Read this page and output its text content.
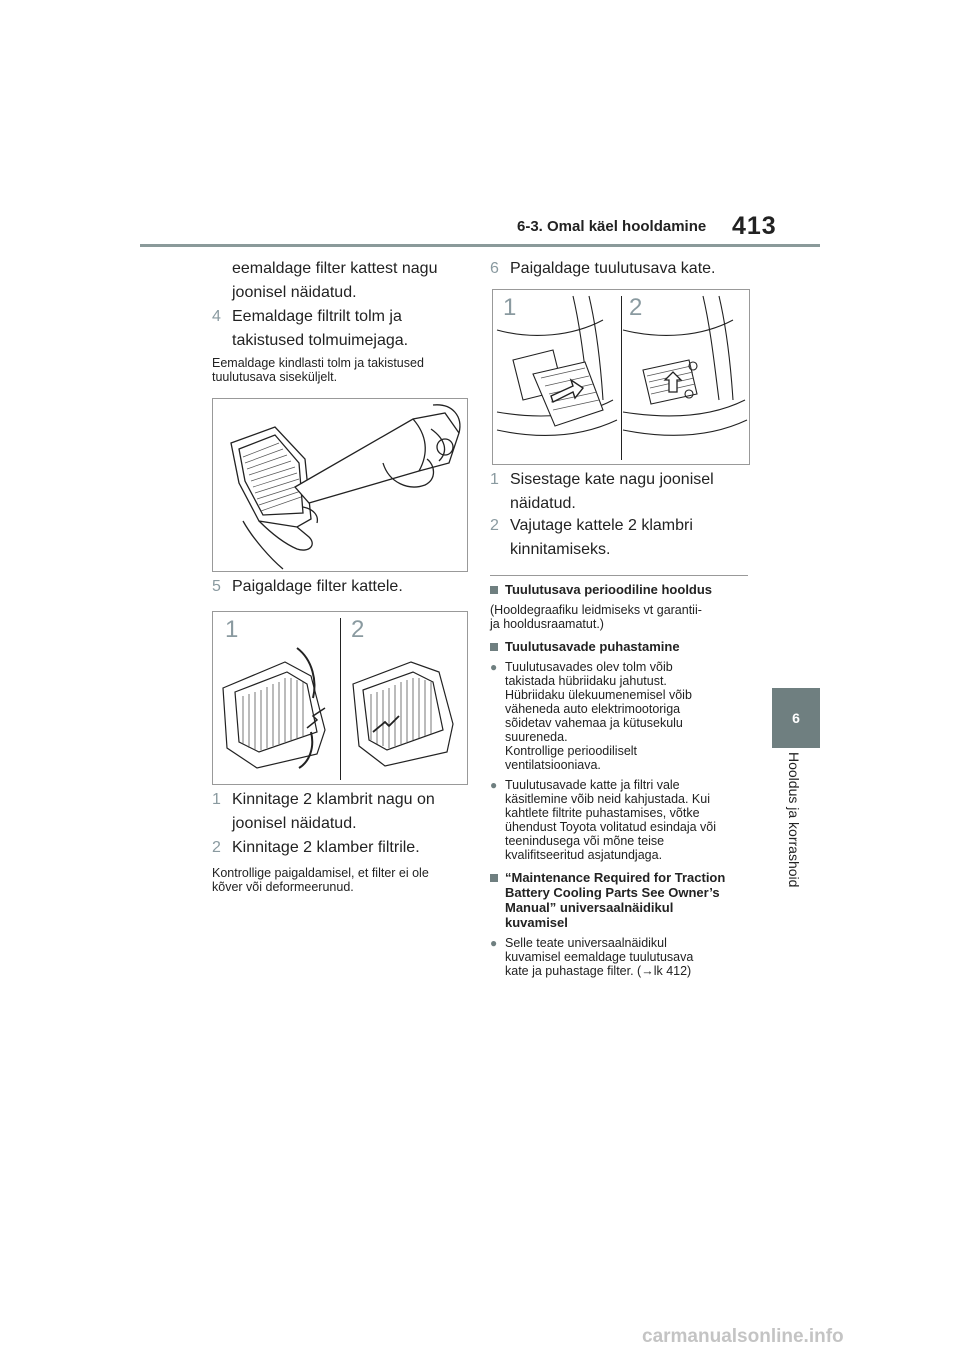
6-3. Omal käel hooldamine 413
6
Hooldus ja korrashoid
eemaldage filter kattest nagu
joonisel näidatud.
4 Eemaldage filtrilt tolm ja
takistused tolmuimejaga.
Eemaldage kindlasti tolm ja takistused
tuulutusava siseküljelt.
5 Paigaldage filter kattele.
1	2
1 Kinnitage 2 klambrit nagu on
joonisel näidatud.
2 Kinnitage 2 klamber filtrile.
Kontrollige paigaldamisel, et filter ei ole
kõver või deformeerunud.
6 Paigaldage tuulutusava kate.
1	2
1 Sisestage kate nagu joonisel
näidatud.
2 Vajutage kattele 2 klambri
kinnitamiseks.
Tuulutusava perioodiline hooldus
(Hooldegraafiku leidmiseks vt garantii-
ja hooldusraamatut.)
Tuulutusavade puhastamine
● Tuulutusavades olev tolm võib
takistada hübriidaku jahutust.
Hübriidaku ülekuumenemisel võib
väheneda auto elektrimootoriga
sõidetav vahemaa ja kütusekulu
suureneda.
Kontrollige perioodiliselt
ventilatsiooniava.
● Tuulutusavade katte ja filtri vale
käsitlemine võib neid kahjustada. Kui
kahtlete filtrite puhastamises, võtke
ühendust Toyota volitatud esindaja või
teenindusega või mõne teise
kvalifitseeritud asjatundjaga.
“Maintenance Required for Traction
Battery Cooling Parts See Owner’s
Manual” universaalnäidikul
kuvamisel
● Selle teate universaalnäidikul
kuvamisel eemaldage tuulutusava
kate ja puhastage filter. (→lk 412)
carmanualsonline.info
